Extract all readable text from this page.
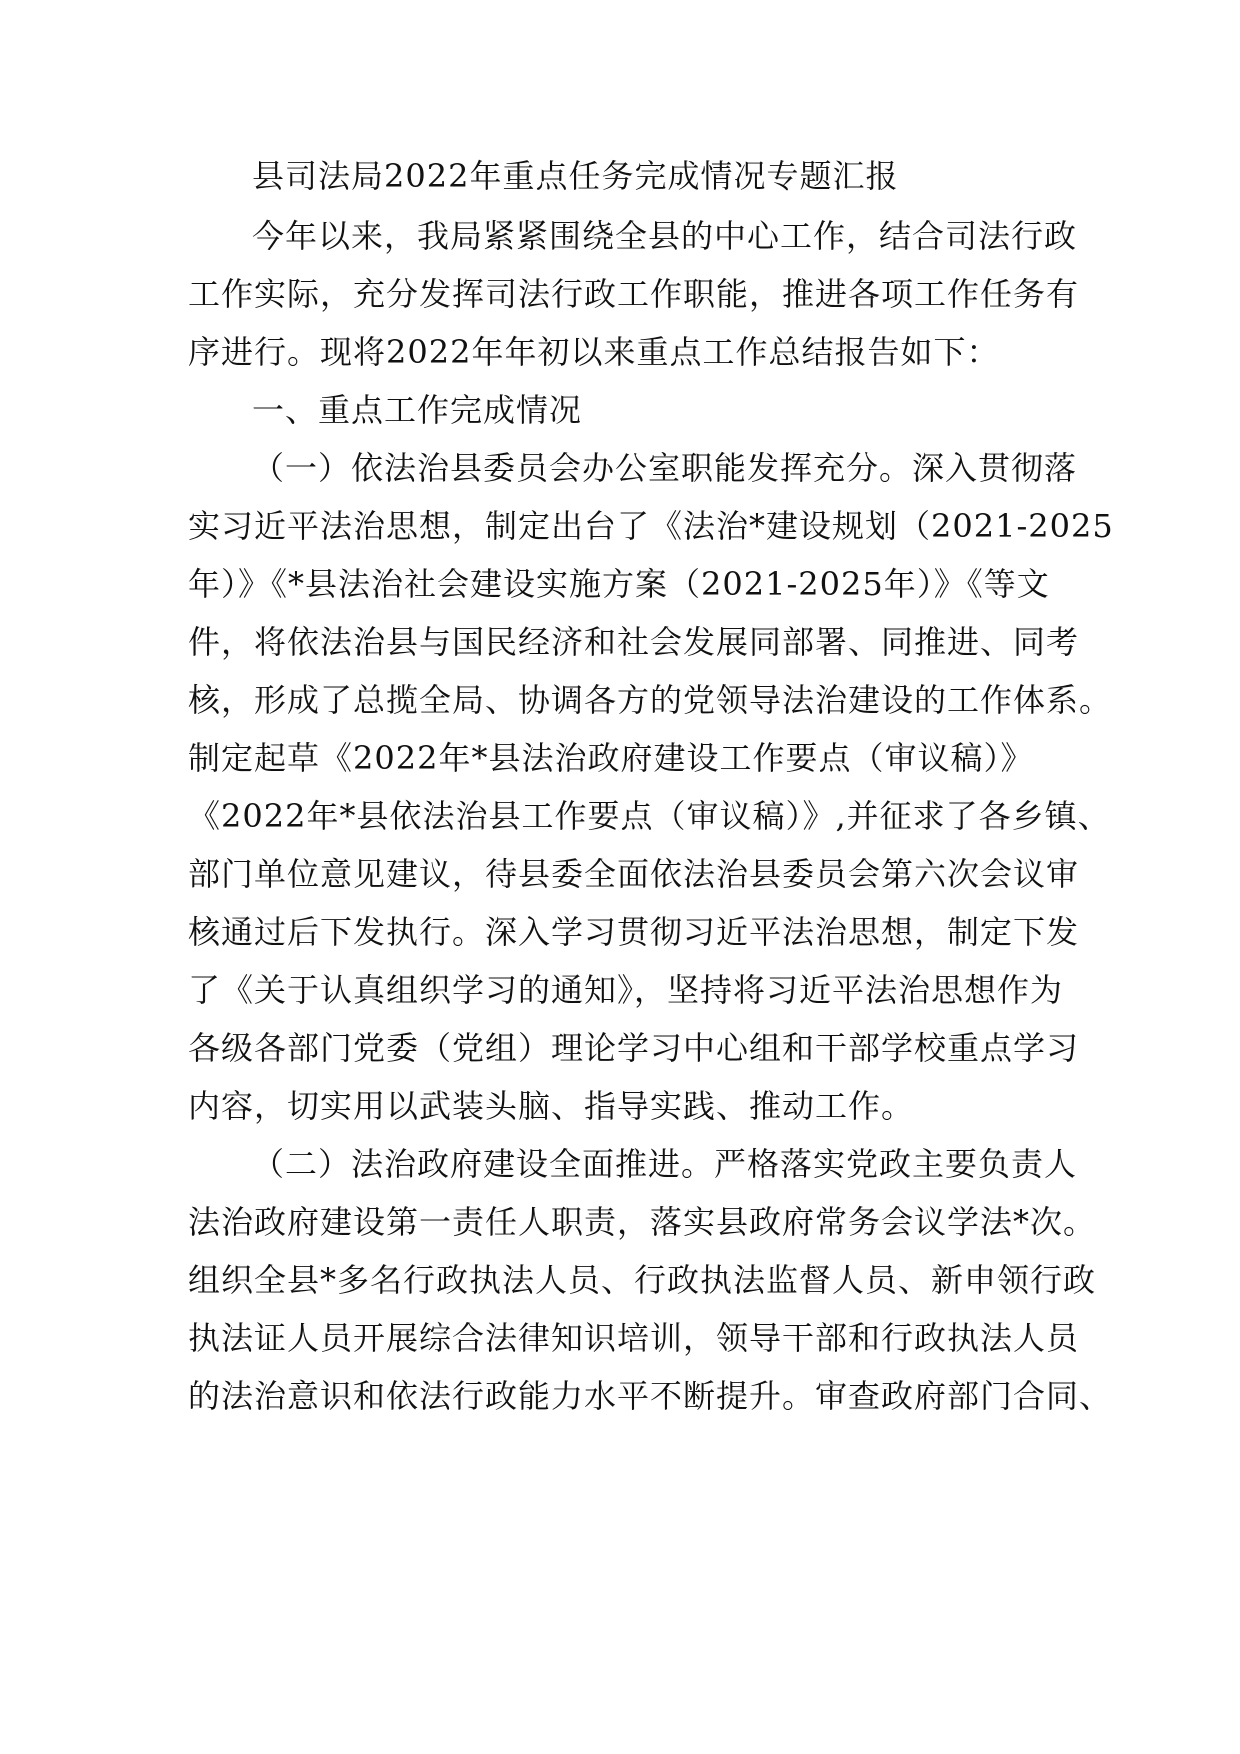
县司法局2022年重点任务完成情况专题汇报
今年以来，我局紧紧围绕全县的中心工作，结合司法行政
工作实际，充分发挥司法行政工作职能，推进各项工作任务有
序进行。现将2022年年初以来重点工作总结报告如下：
一、重点工作完成情况
（一）依法治县委员会办公室职能发挥充分。深入贯彻落
实习近平法治思想，制定出台了《法治*建设规划（2021-2025
年）》《*县法治社会建设实施方案（2021-2025年）》《等文
件，将依法治县与国民经济和社会发展同部署、同推进、同考
核，形成了总揽全局、协调各方的党领导法治建设的工作体系。
制定起草《2022年*县法治政府建设工作要点（审议稿）》
《2022年*县依法治县工作要点（审议稿）》,并征求了各乡镇、
部门单位意见建议，待县委全面依法治县委员会第六次会议审
核通过后下发执行。深入学习贯彻习近平法治思想，制定下发
了《关于认真组织学习的通知》，坚持将习近平法治思想作为
各级各部门党委（党组）理论学习中心组和干部学校重点学习
内容，切实用以武装头脑、指导实践、推动工作。
（二）法治政府建设全面推进。严格落实党政主要负责人
法治政府建设第一责任人职责，落实县政府常务会议学法*次。
组织全县*多名行政执法人员、行政执法监督人员、新申领行政
执法证人员开展综合法律知识培训，领导干部和行政执法人员
的法治意识和依法行政能力水平不断提升。审查政府部门合同、
